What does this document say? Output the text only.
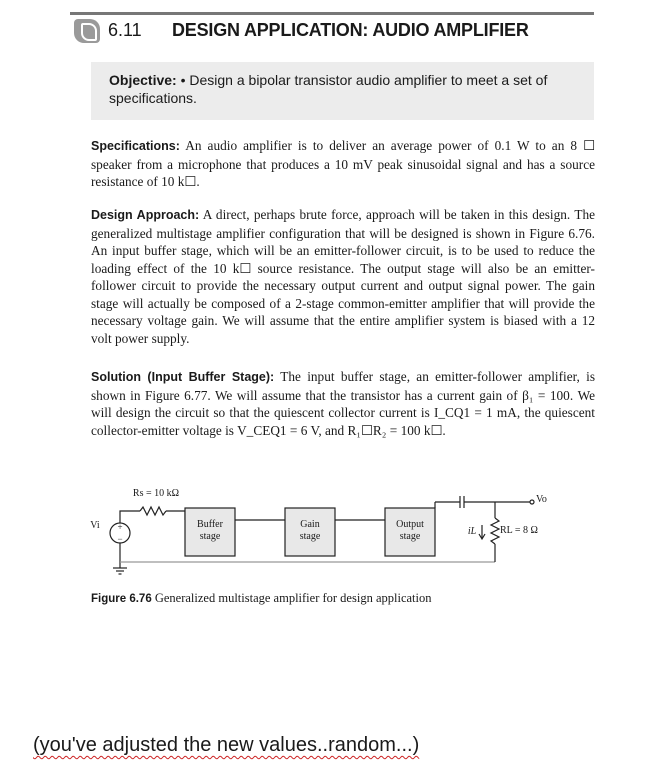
6.11 DESIGN APPLICATION: AUDIO AMPLIFIER
Objective: • Design a bipolar transistor audio amplifier to meet a set of specifications.
Specifications: An audio amplifier is to deliver an average power of 0.1 W to an 8 ☐ speaker from a microphone that produces a 10 mV peak sinusoidal signal and has a source resistance of 10 k☐.
Design Approach: A direct, perhaps brute force, approach will be taken in this design. The generalized multistage amplifier configuration that will be designed is shown in Figure 6.76. An input buffer stage, which will be an emitter-follower circuit, is to be used to reduce the loading effect of the 10 k☐ source resistance. The output stage will also be an emitter-follower circuit to provide the necessary output current and output signal power. The gain stage will actually be composed of a 2-stage common-emitter amplifier that will provide the necessary voltage gain. We will assume that the entire amplifier system is biased with a 12 volt power supply.
Solution (Input Buffer Stage): The input buffer stage, an emitter-follower amplifier, is shown in Figure 6.77. We will assume that the transistor has a current gain of β₁ = 100. We will design the circuit so that the quiescent collector current is I_CQ1 = 1 mA, the quiescent collector-emitter voltage is V_CEQ1 = 6 V, and R₁☐R₂ = 100 k☐.
Rs = 10 kΩ
Vi +
−
Buffer
stage
Gain
stage
Output
stage	iL	RL = 8 Ω
Vo
Figure 6.76 Generalized multistage amplifier for design application
(you've adjusted the new values..random...)
